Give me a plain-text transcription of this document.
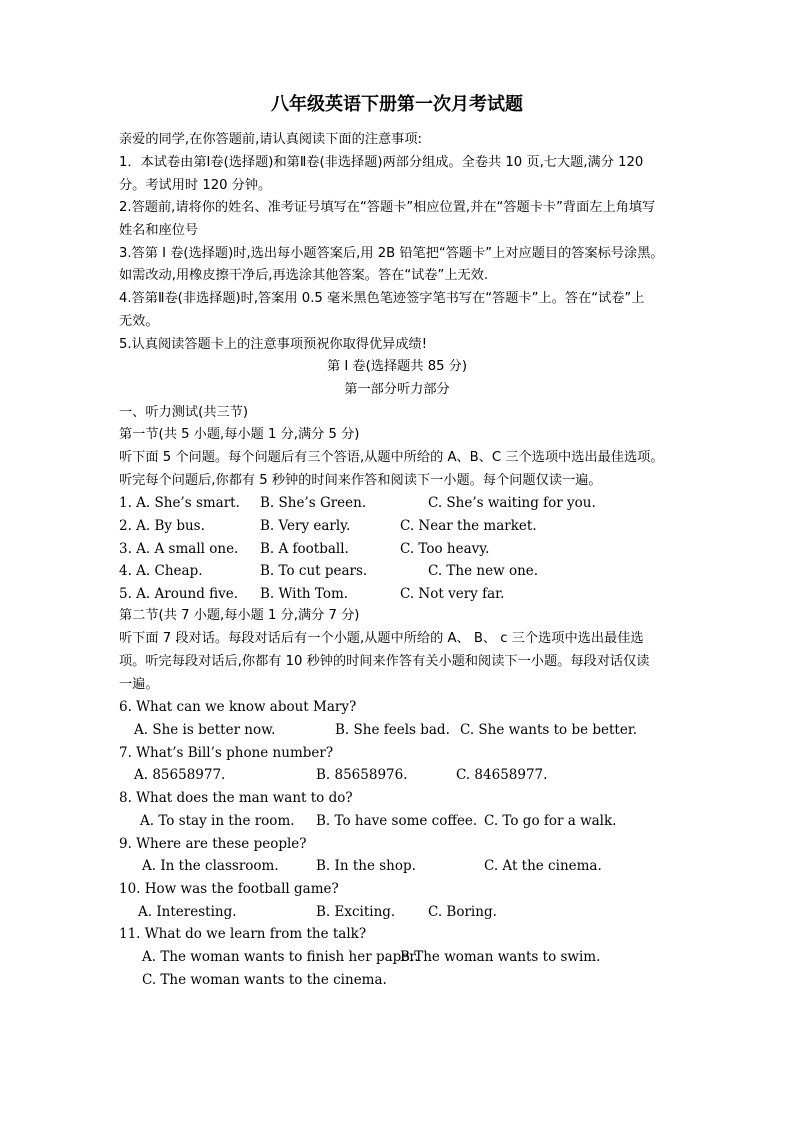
八年级英语下册第一次月考试题
亲爱的同学,在你答题前,请认真阅读下面的注意事项:
1．本试卷由第Ⅰ卷(选择题)和第Ⅱ卷(非选择题)两部分组成。全卷共 10 页,七大题,满分 120
分。考试用时 120 分钟。
2.答题前,请将你的姓名、准考证号填写在“答题卡”相应位置,并在“答题卡卡”背面左上角填写
姓名和座位号
3.答第 I 卷(选择题)时,选出每小题答案后,用 2B 铅笔把“答题卡”上对应题目的答案标号涂黑。
如需改动,用橡皮擦干净后,再选涂其他答案。答在“试卷”上无效.
4.答第Ⅱ卷(非选择题)时,答案用 0.5 毫米黑色笔迹签字笔书写在“答题卡”上。答在“试卷”上
无效。
5.认真阅读答题卡上的注意事项预祝你取得优异成绩!
第 I 卷(选择题共 85 分)
第一部分听力部分
一、听力测试(共三节)
第一节(共 5 小题,每小题 1 分,满分 5 分)
听下面 5 个问题。每个问题后有三个答语,从题中所给的 A、B、C 三个选项中选出最佳选项。
听完每个问题后,你都有 5 秒钟的时间来作答和阅读下一小题。每个问题仅读一遍。
1. A. She’s smart. B. She’s Green.	C. She’s waiting for you.
2. A. By bus.	B. Very early.	C. Near the market.
3. A. A small one. B. A football.	C. Too heavy.
4. A. Cheap.	B. To cut pears.	C. The new one.
5. A. Around five. B. With Tom.	C. Not very far.
第二节(共 7 小题,每小题 1 分,满分 7 分)
听下面 7 段对话。每段对话后有一个小题,从题中所给的 A、 B、 c 三个选项中选出最佳选
项。听完每段对话后,你都有 10 秒钟的时间来作答有关小题和阅读下一小题。每段对话仅读
一遍。
6. What can we know about Mary?
A. She is better now.	B. She feels bad. C. She wants to be better.
7. What’s Bill’s phone number?
A. 85658977.	B. 85658976.	C. 84658977.
8. What does the man want to do?
A. To stay in the room. B. To have some coffee. C. To go for a walk.
9. Where are these people?
A. In the classroom.	B. In the shop.	C. At the cinema.
10. How was the football game?
A. Interesting.	B. Exciting. C. Boring.
11. What do we learn from the talk?
A. The woman wants to finish her paper.
B.The woman wants to swim.
C. The woman wants to the cinema.
